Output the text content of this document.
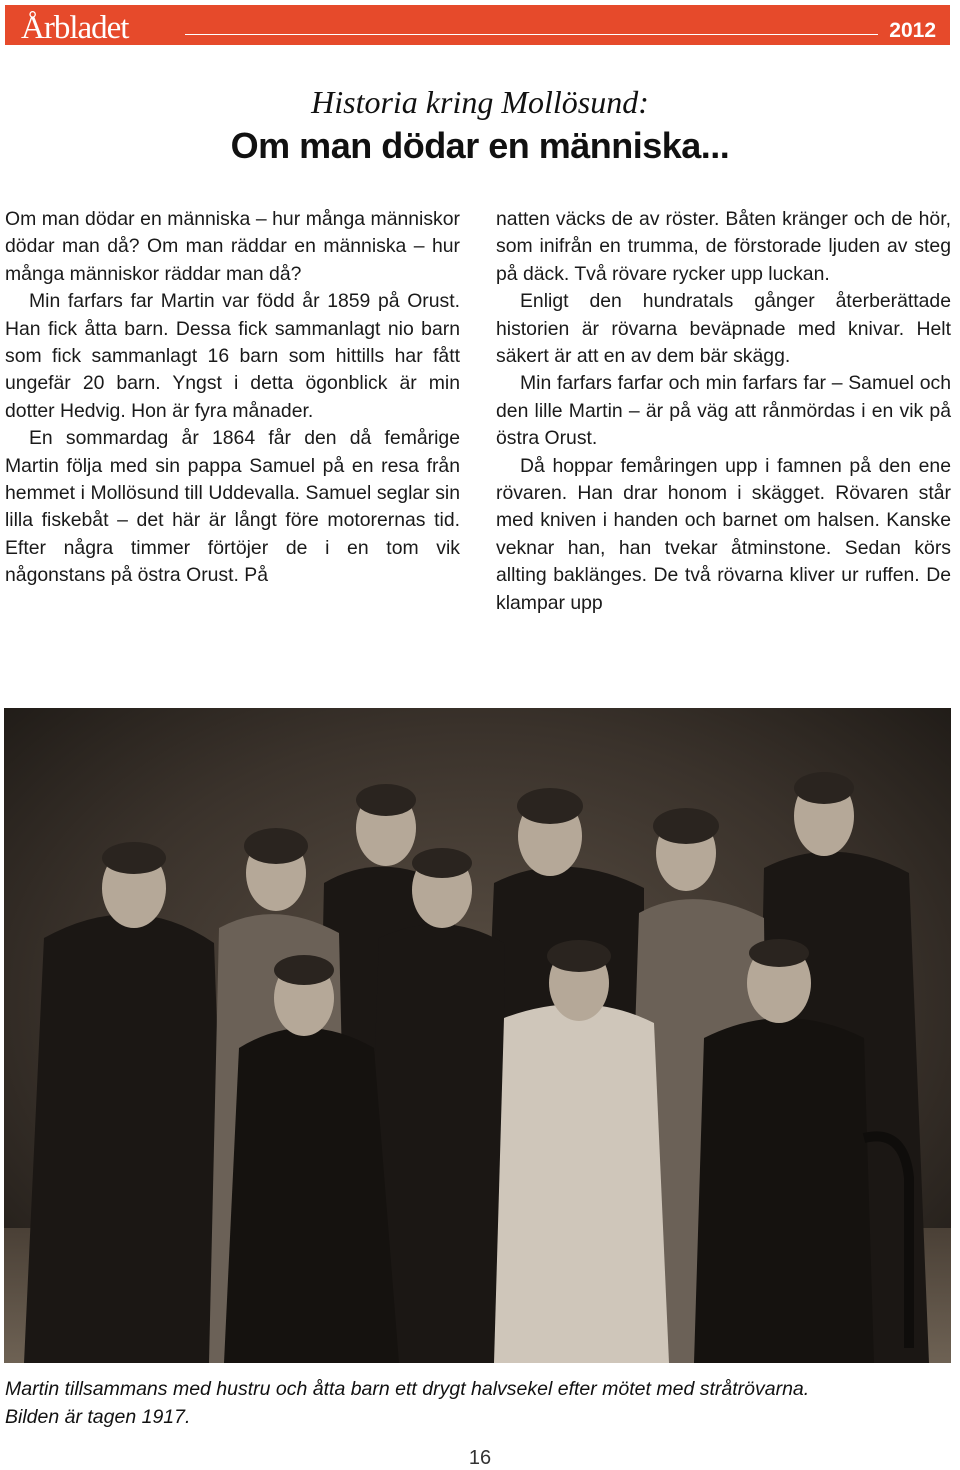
Årbladet	2012
Historia kring Mollösund:
Om man dödar en människa...

Om man dödar en människa – hur många människor dödar man då? Om man räddar en människa – hur många människor räddar man då?

Min farfars far Martin var född år 1859 på Orust. Han fick åtta barn. Dessa fick sammanlagt nio barn som fick sammanlagt 16 barn som hittills har fått ungefär 20 barn. Yngst i detta ögonblick är min dotter Hedvig. Hon är fyra månader.

En sommardag år 1864 får den då femårige Martin följa med sin pappa Samuel på en resa från hemmet i Mollösund till Uddevalla. Samuel seglar sin lilla fiskebåt – det här är långt före motorernas tid. Efter några timmer förtöjer de i en tom vik någonstans på östra Orust. På

natten väcks de av röster. Båten kränger och de hör, som inifrån en trumma, de förstorade ljuden av steg på däck. Två rövare rycker upp luckan.

Enligt den hundratals gånger återberättade historien är rövarna beväpnade med knivar. Helt säkert är att en av dem bär skägg.

Min farfars farfar och min farfars far – Samuel och den lille Martin – är på väg att rånmördas i en vik på östra Orust.

Då hoppar femåringen upp i famnen på den ene rövaren. Han drar honom i skägget. Rövaren står med kniven i handen och barnet om halsen. Kanske veknar han, han tvekar åtminstone. Sedan körs allting baklänges. De två rövarna kliver ur ruffen. De klampar upp

Martin tillsammans med hustru och åtta barn ett drygt halvsekel efter mötet med stråtrövarna.
Bilden är tagen 1917.
16
